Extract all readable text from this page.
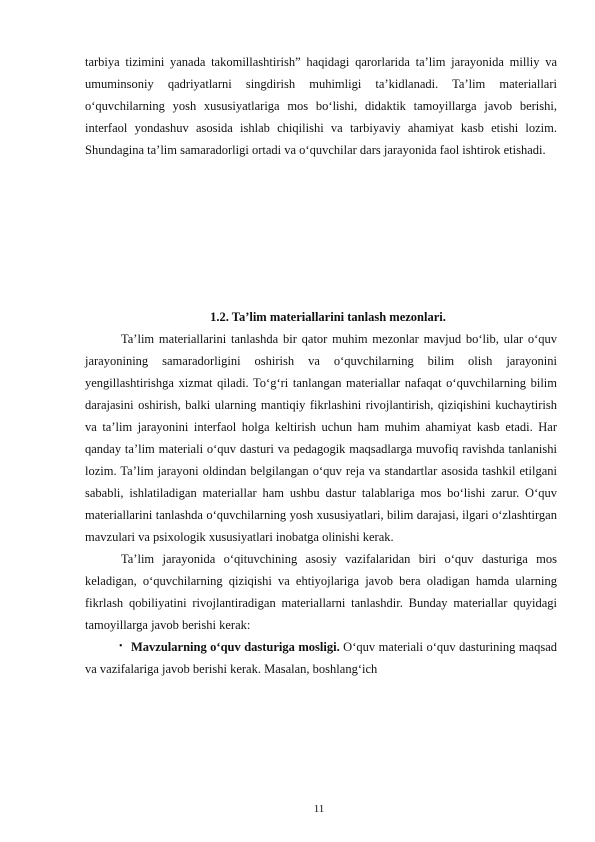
tarbiya tizimini yanada takomillashtirish” haqidagi qarorlarida ta’lim jarayonida milliy va umuminsoniy qadriyatlarni singdirish muhimligi ta’kidlanadi. Ta’lim materiallari o‘quvchilarning yosh xususiyatlariga mos bo‘lishi, didaktik tamoyillarga javob berishi, interfaol yondashuv asosida ishlab chiqilishi va tarbiyaviy ahamiyat kasb etishi lozim. Shundagina ta’lim samaradorligi ortadi va o‘quvchilar dars jarayonida faol ishtirok etishadi.

1.2. Ta’lim materiallarini tanlash mezonlari.

Ta’lim materiallarini tanlashda bir qator muhim mezonlar mavjud bo‘lib, ular o‘quv jarayonining samaradorligini oshirish va o‘quvchilarning bilim olish jarayonini yengillashtirishga xizmat qiladi. To‘g‘ri tanlangan materiallar nafaqat o‘quvchilarning bilim darajasini oshirish, balki ularning mantiqiy fikrlashini rivojlantirish, qiziqishini kuchaytirish va ta’lim jarayonini interfaol holga keltirish uchun ham muhim ahamiyat kasb etadi. Har qanday ta’lim materiali o‘quv dasturi va pedagogik maqsadlarga muvofiq ravishda tanlanishi lozim. Ta’lim jarayoni oldindan belgilangan o‘quv reja va standartlar asosida tashkil etilgani sababli, ishlatiladigan materiallar ham ushbu dastur talablariga mos bo‘lishi zarur. O‘quv materiallarini tanlashda o‘quvchilarning yosh xususiyatlari, bilim darajasi, ilgari o‘zlashtirgan mavzulari va psixologik xususiyatlari inobatga olinishi kerak.

Ta’lim jarayonida o‘qituvchining asosiy vazifalaridan biri o‘quv dasturiga mos keladigan, o‘quvchilarning qiziqishi va ehtiyojlariga javob bera oladigan hamda ularning fikrlash qobiliyatini rivojlantiradigan materiallarni tanlashdir. Bunday materiallar quyidagi tamoyillarga javob berishi kerak:

• Mavzularning o‘quv dasturiga mosligi. O‘quv materiali o‘quv dasturining maqsad va vazifalariga javob berishi kerak. Masalan, boshlang‘ich

11
